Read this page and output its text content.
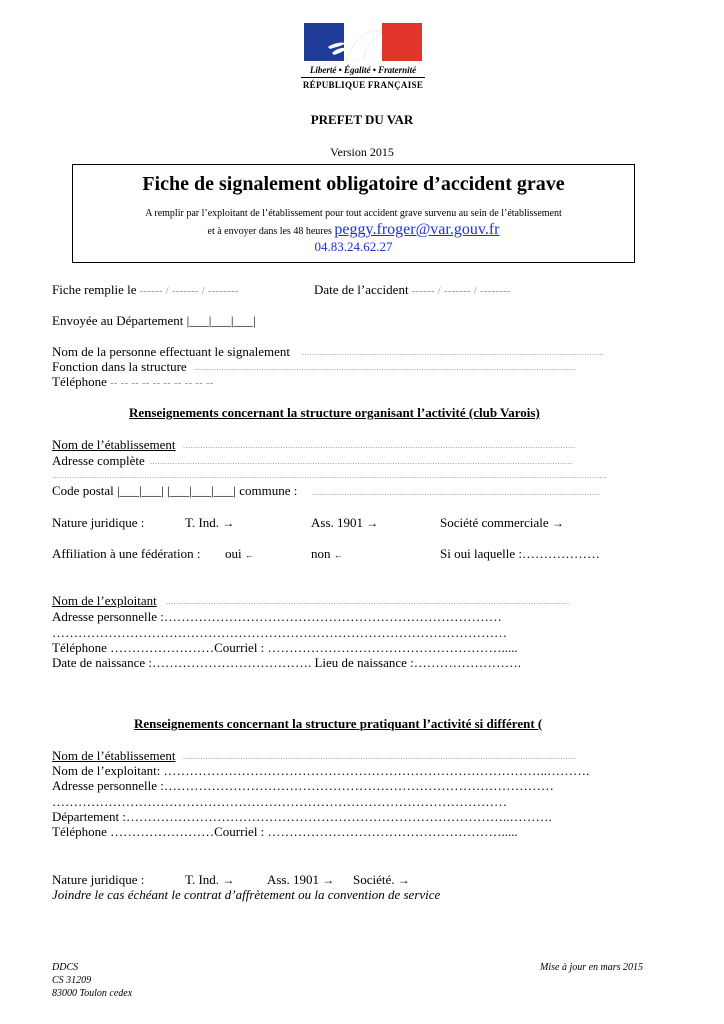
Liberté • Égalité • Fraternité
RÉPUBLIQUE FRANÇAISE
PREFET DU VAR
Version 2015
Fiche de signalement obligatoire d’accident grave
A remplir par l’exploitant de l’établissement pour tout accident grave survenu au sein de l’établissement
et à envoyer dans les 48 heures peggy.froger@var.gouv.fr
04.83.24.62.27
Fiche remplie le ------ / ------- / --------	Date de l’accident ------ / ------- / --------
Envoyée au Département |___|___|___|
Nom de la personne effectuant le signalement .........................................................................................................................
Fonction dans la structure .........................................................................................................................................................
Téléphone -- -- -- -- -- -- -- -- -- --
Renseignements concernant la structure organisant l’activité (club Varois)
Nom de l’établissement .............................................................................................................................................................
Adresse complète .........................................................................................................................................................................
..............................................................................................................................................................................................................................
Code postal |___|___| |___|___|___| commune : ...................................................................................................................
Nature juridique :	T. Ind. →	Ass. 1901 →	Société commerciale →
Affiliation à une fédération : oui ←	non ←	Si oui laquelle :………………
Nom de l’exploitant ..................................................................................................................................................................
Adresse personnelle :……………………………………………………………………
……………………………………………………………………………………………
Téléphone ……………………Courriel : ……………………………………………….....
Date de naissance :………………………………. Lieu de naissance :…………………….
Renseignements concernant la structure pratiquant l’activité si différent (
Nom de l’établissement .............................................................................................................................................................
Nom de l’exploitant: ……………………………………………………………………………..……….
Adresse personnelle :………………………………………………………………………………
……………………………………………………………………………………………
Département :……………………………………………………………………………..……….
Téléphone ……………………Courriel : ……………………………………………….....
Nature juridique :	T. Ind. →	Ass. 1901 → Société. →
Joindre le cas échéant le contrat d’affrètement ou la convention de service
DDCS
CS 31209
83000 Toulon cedex
Mise à jour en mars 2015
